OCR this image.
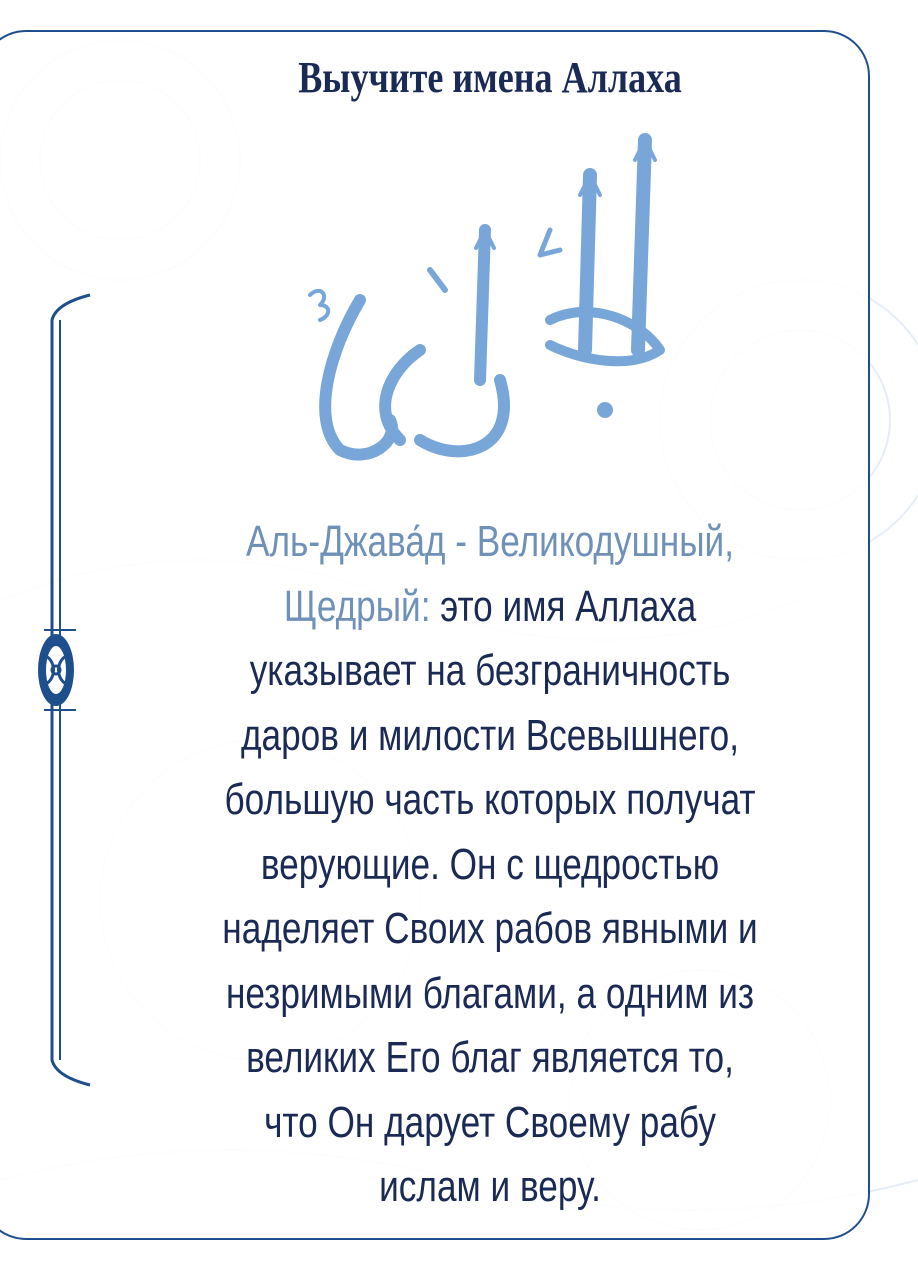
Выучите имена Аллаха
Аль-Джава́д - Великодушный,
Щедрый: это имя Аллаха
указывает на безграничность
даров и милости Всевышнего,
большую часть которых получат
верующие. Он с щедростью
наделяет Своих рабов явными и
незримыми благами, а одним из
великих Его благ является то,
что Он дарует Своему рабу
ислам и веру.
